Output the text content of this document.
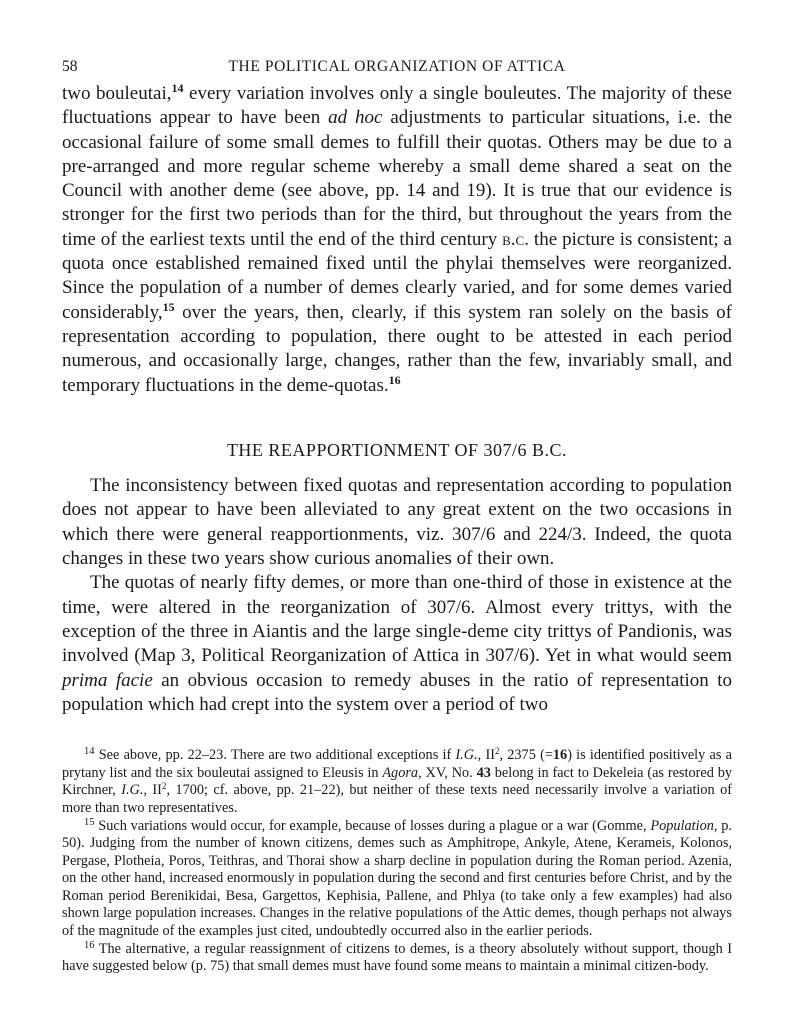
58	THE POLITICAL ORGANIZATION OF ATTICA

two bouleutai,$^{14}$ every variation involves only a single bouleutes. The majority of these fluctuations appear to have been ad hoc adjustments to particular situations, i.e. the occasional failure of some small demes to fulfill their quotas. Others may be due to a pre-arranged and more regular scheme whereby a small deme shared a seat on the Council with another deme (see above, pp. 14 and 19). It is true that our evidence is stronger for the first two periods than for the third, but throughout the years from the time of the earliest texts until the end of the third century b.c. the picture is consistent; a quota once established remained fixed until the phylai themselves were reorganized. Since the population of a number of demes clearly varied, and for some demes varied considerably,$^{15}$ over the years, then, clearly, if this system ran solely on the basis of representation according to population, there ought to be attested in each period numerous, and occasionally large, changes, rather than the few, invariably small, and temporary fluctuations in the deme-quotas.$^{16}$

THE REAPPORTIONMENT OF 307/6 B.C.

The inconsistency between fixed quotas and representation according to population does not appear to have been alleviated to any great extent on the two occasions in which there were general reapportionments, viz. 307/6 and 224/3. Indeed, the quota changes in these two years show curious anomalies of their own.

The quotas of nearly fifty demes, or more than one-third of those in existence at the time, were altered in the reorganization of 307/6. Almost every trittys, with the exception of the three in Aiantis and the large single-deme city trittys of Pandionis, was involved (Map 3, Political Reorganization of Attica in 307/6). Yet in what would seem prima facie an obvious occasion to remedy abuses in the ratio of representation to population which had crept into the system over a period of two

$^{14}$ See above, pp. 22–23. There are two additional exceptions if I.G., $II^2$, 2375 (=16) is identified positively as a prytany list and the six bouleutai assigned to Eleusis in Agora, XV, No. 43 belong in fact to Dekeleia (as restored by Kirchner, I.G., $II^2$, 1700; cf. above, pp. 21–22), but neither of these texts need necessarily involve a variation of more than two representatives.

$^{15}$ Such variations would occur, for example, because of losses during a plague or a war (Gomme, Population, p. 50). Judging from the number of known citizens, demes such as Amphitrope, Ankyle, Atene, Kerameis, Kolonos, Pergase, Plotheia, Poros, Teithras, and Thorai show a sharp decline in population during the Roman period. Azenia, on the other hand, increased enormously in population during the second and first centuries before Christ, and by the Roman period Berenikidai, Besa, Gargettos, Kephisia, Pallene, and Phlya (to take only a few examples) had also shown large population increases. Changes in the relative populations of the Attic demes, though perhaps not always of the magnitude of the examples just cited, undoubtedly occurred also in the earlier periods.

$^{16}$ The alternative, a regular reassignment of citizens to demes, is a theory absolutely without support, though I have suggested below (p. 75) that small demes must have found some means to maintain a minimal citizen-body.
